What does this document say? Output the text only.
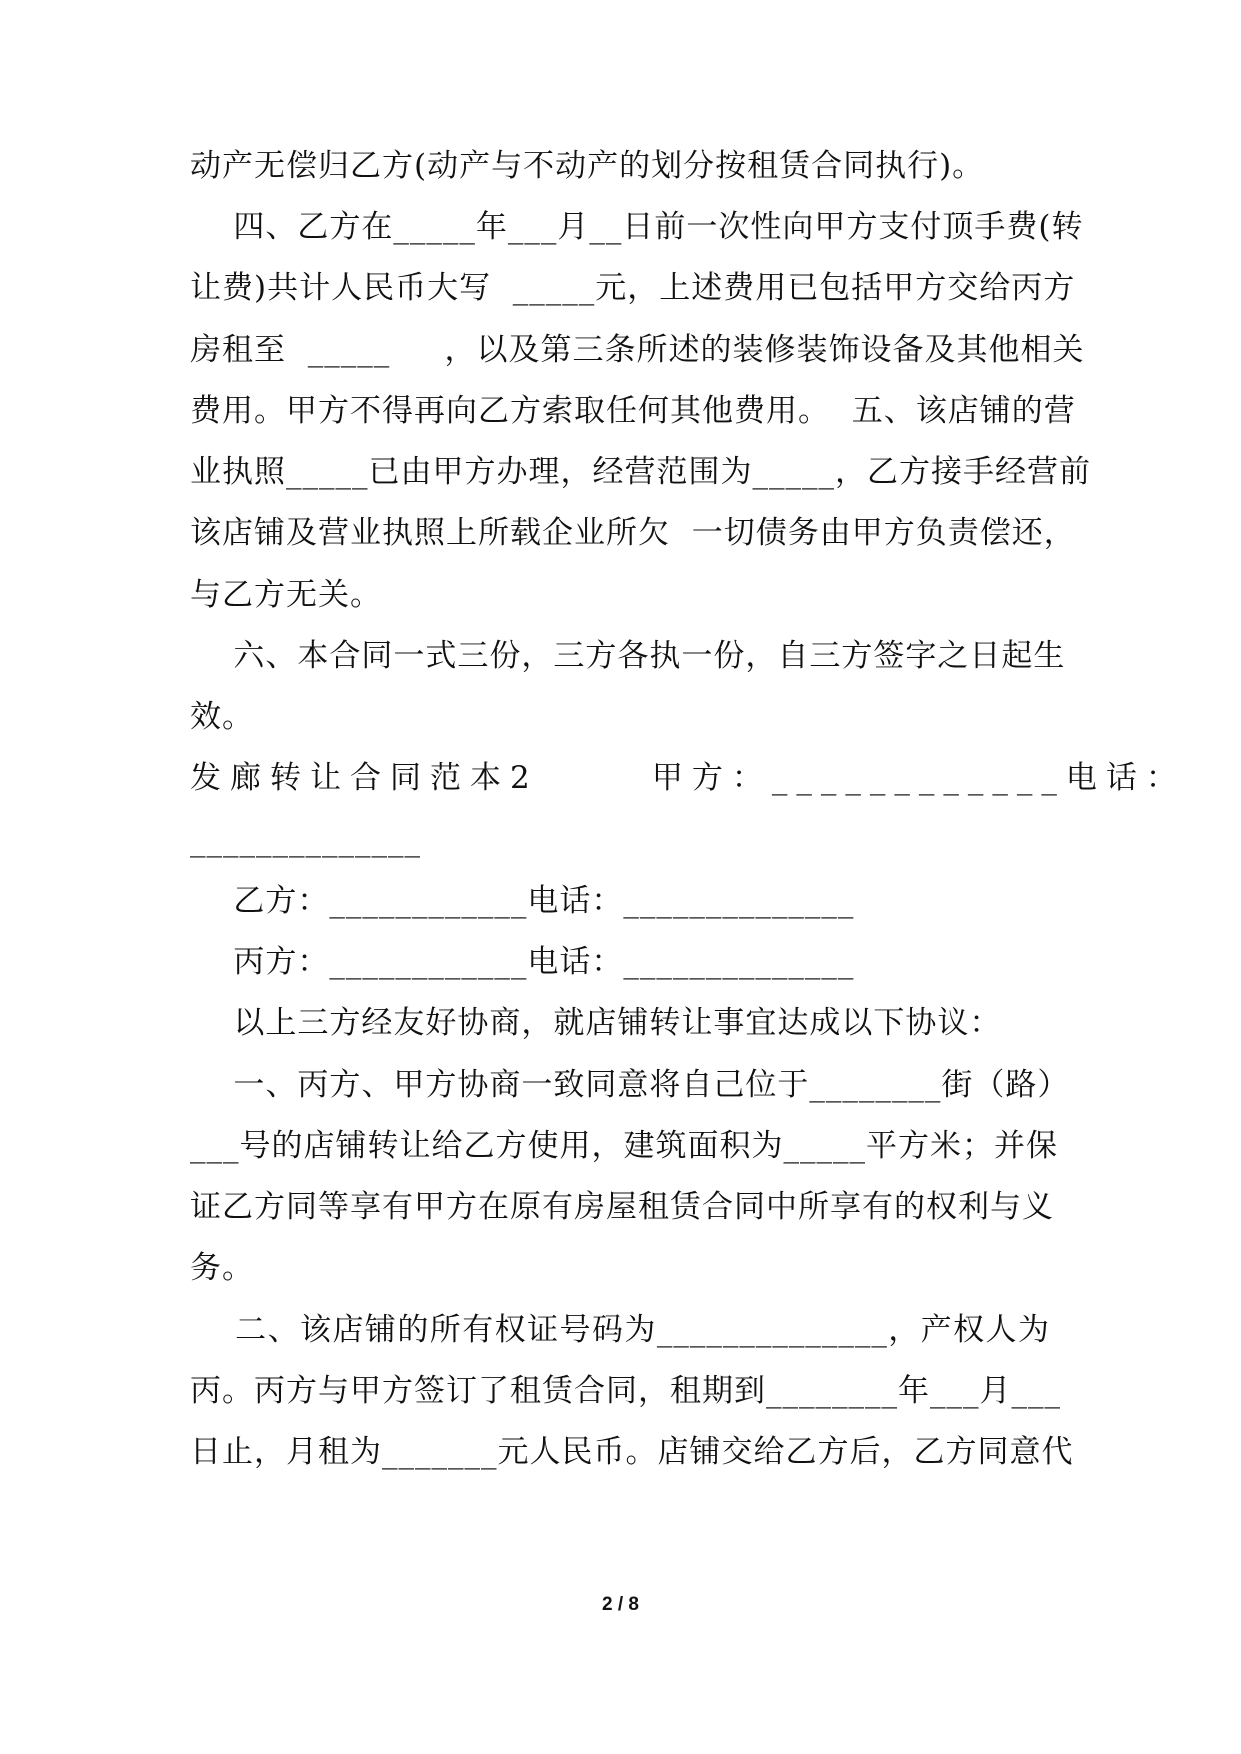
动产无偿归乙方(动产与不动产的划分按租赁合同执行)。
四、乙方在_____年___月__日前一次性向甲方支付顶手费(转
让费)共计人民币大写  _____元，上述费用已包括甲方交给丙方
房租至  _____     ，以及第三条所述的装修装饰设备及其他相关
费用。甲方不得再向乙方索取任何其他费用。  五、该店铺的营
业执照_____已由甲方办理，经营范围为_____，乙方接手经营前
该店铺及营业执照上所载企业所欠  一切债务由甲方负责偿还，
与乙方无关。
六、本合同一式三份，三方各执一份，自三方签字之日起生
效。
发廊转让合同范本2      甲方：____________电话：
______________
乙方：____________电话：______________
丙方：____________电话：______________
以上三方经友好协商，就店铺转让事宜达成以下协议：
一、丙方、甲方协商一致同意将自己位于________街（路）
___号的店铺转让给乙方使用，建筑面积为_____平方米；并保
证乙方同等享有甲方在原有房屋租赁合同中所享有的权利与义
务。
二、该店铺的所有权证号码为______________，产权人为
丙。丙方与甲方签订了租赁合同，租期到________年___月___
日止，月租为_______元人民币。店铺交给乙方后，乙方同意代
2 / 8
